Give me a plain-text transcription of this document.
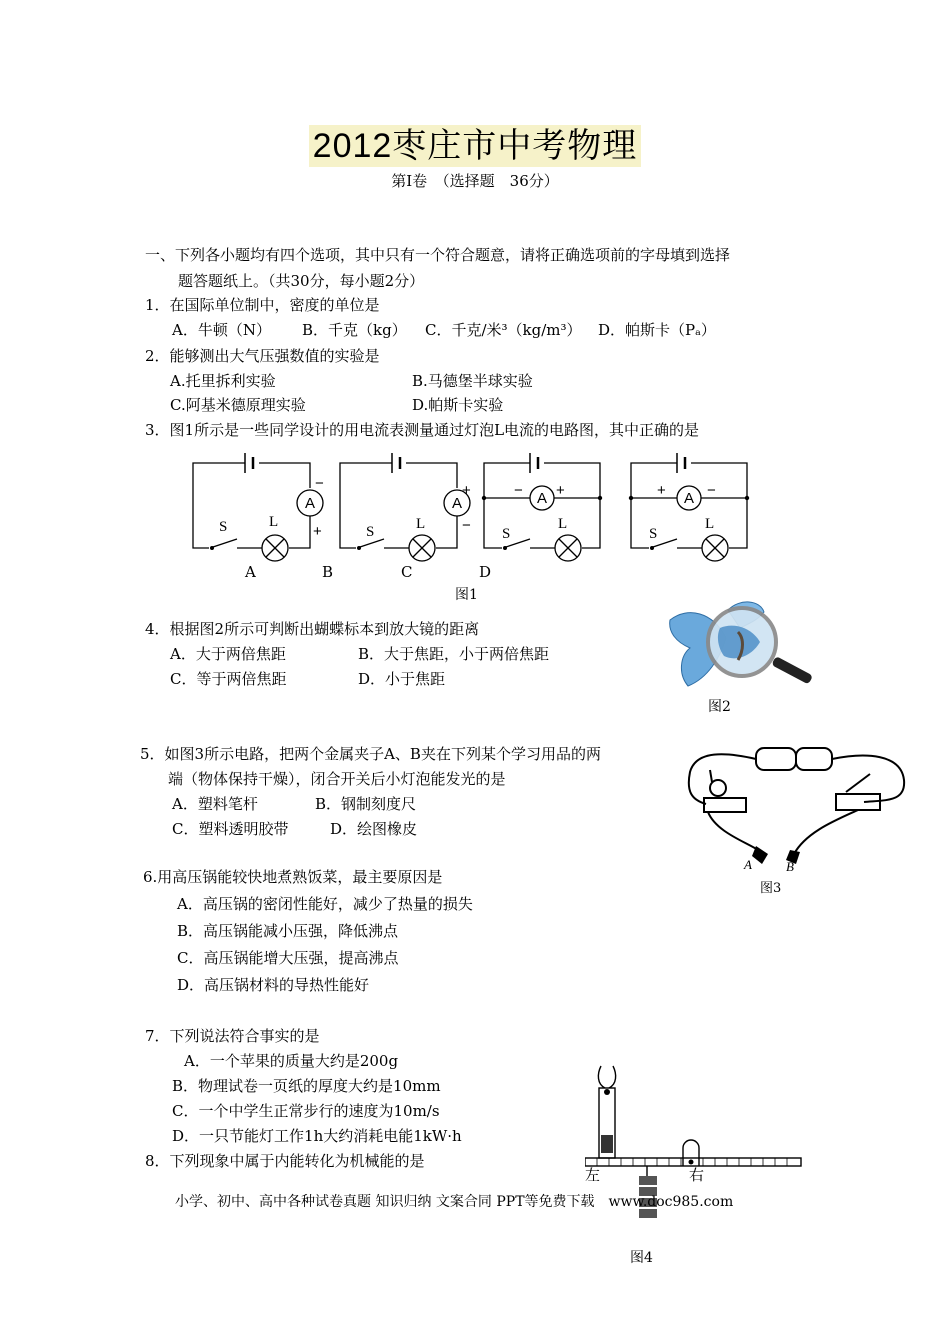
2012枣庄市中考物理
第Ⅰ卷　（选择题　36分）
一、下列各小题均有四个选项，其中只有一个符合题意，请将正确选项前的字母填到选择
题答题纸上。（共30分，每小题2分）
1．在国际单位制中，密度的单位是
A．牛顿（N） B．千克（kg） C．千克/米³（kg/m³） D．帕斯卡（Pₐ）
2．能够测出大气压强数值的实验是
A.托里拆利实验	B.马德堡半球实验
C.阿基米德原理实验	D.帕斯卡实验
3．图1所示是一些同学设计的用电流表测量通过灯泡L电流的电路图，其中正确的是
A
S	L
−
+
A
S	L
+
−
A
− +
S
L
A
+	−
S
L
A	B	C	D
图1
4．根据图2所示可判断出蝴蝶标本到放大镜的距离
A．大于两倍焦距	B．大于焦距，小于两倍焦距
C．等于两倍焦距	D．小于焦距
图2
5．如图3所示电路，把两个金属夹子A、B夹在下列某个学习用品的两
端（物体保持干燥），闭合开关后小灯泡能发光的是
A．塑料笔杆	B．钢制刻度尺
C．塑料透明胶带	D．绘图橡皮
A	B
图3
6.用高压锅能较快地煮熟饭菜，最主要原因是
A．高压锅的密闭性能好，减少了热量的损失
B．高压锅能减小压强，降低沸点
C．高压锅能增大压强，提高沸点
D．高压锅材料的导热性能好
7．下列说法符合事实的是
A．一个苹果的质量大约是200g
B．物理试卷一页纸的厚度大约是10mm
C．一个中学生正常步行的速度为10m/s
D．一只节能灯工作1h大约消耗电能1kW·h
8．下列现象中属于内能转化为机械能的是
左	右
小学、初中、高中各种试卷真题 知识归纳 文案合同 PPT等免费下载　www.doc985.com
图4
